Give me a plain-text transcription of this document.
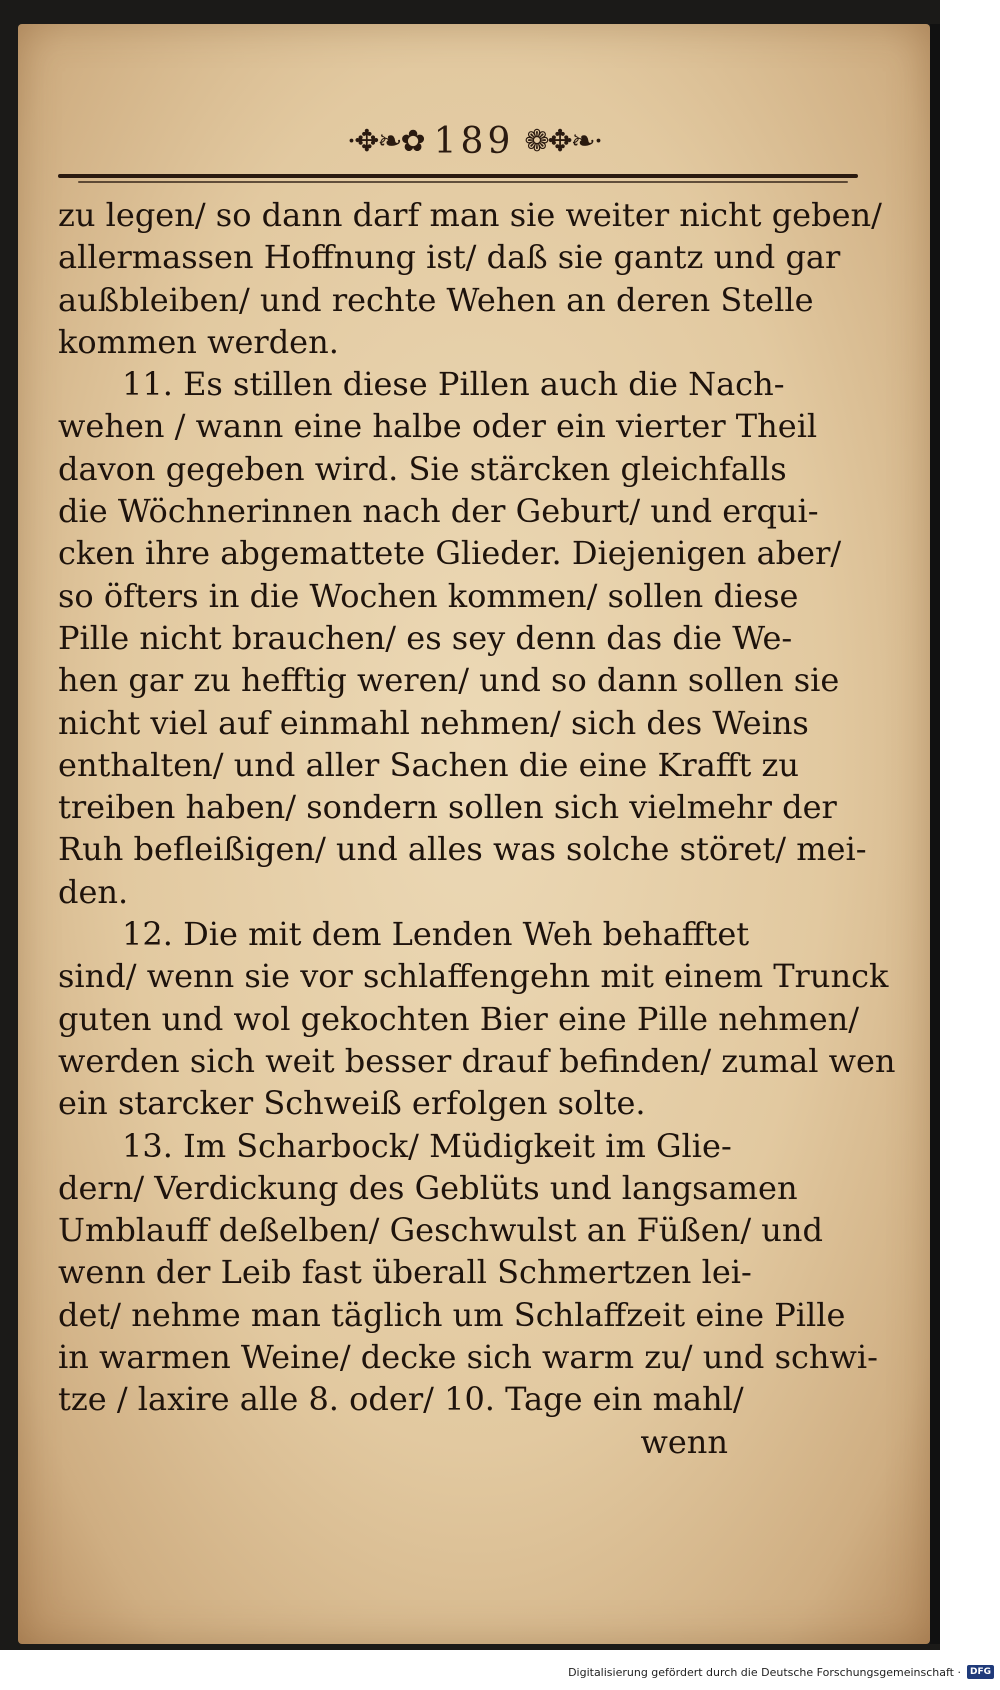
·✥❧✿ 189 ❁✥❧·
zu legen/ so dann darf man sie weiter nicht geben/
allermassen Hoffnung ist/ daß sie gantz und gar
außbleiben/ und rechte Wehen an deren Stelle
kommen werden.
11. Es stillen diese Pillen auch die Nach-
wehen / wann eine halbe oder ein vierter Theil
davon gegeben wird. Sie stärcken gleichfalls
die Wöchnerinnen nach der Geburt/ und erqui-
cken ihre abgemattete Glieder. Diejenigen aber/
so öfters in die Wochen kommen/ sollen diese
Pille nicht brauchen/ es sey denn das die We-
hen gar zu hefftig weren/ und so dann sollen sie
nicht viel auf einmahl nehmen/ sich des Weins
enthalten/ und aller Sachen die eine Krafft zu
treiben haben/ sondern sollen sich vielmehr der
Ruh befleißigen/ und alles was solche störet/ mei-
den.
12. Die mit dem Lenden Weh behafftet
sind/ wenn sie vor schlaffengehn mit einem Trunck
guten und wol gekochten Bier eine Pille nehmen/
werden sich weit besser drauf befinden/ zumal wen
ein starcker Schweiß erfolgen solte.
13. Im Scharbock/ Müdigkeit im Glie-
dern/ Verdickung des Geblüts und langsamen
Umblauff deßelben/ Geschwulst an Füßen/ und
wenn der Leib fast überall Schmertzen lei-
det/ nehme man täglich um Schlaffzeit eine Pille
in warmen Weine/ decke sich warm zu/ und schwi-
tze / laxire alle 8. oder/ 10. Tage ein mahl/
wenn
Digitalisierung gefördert durch die Deutsche Forschungsgemeinschaft ·	DFG
